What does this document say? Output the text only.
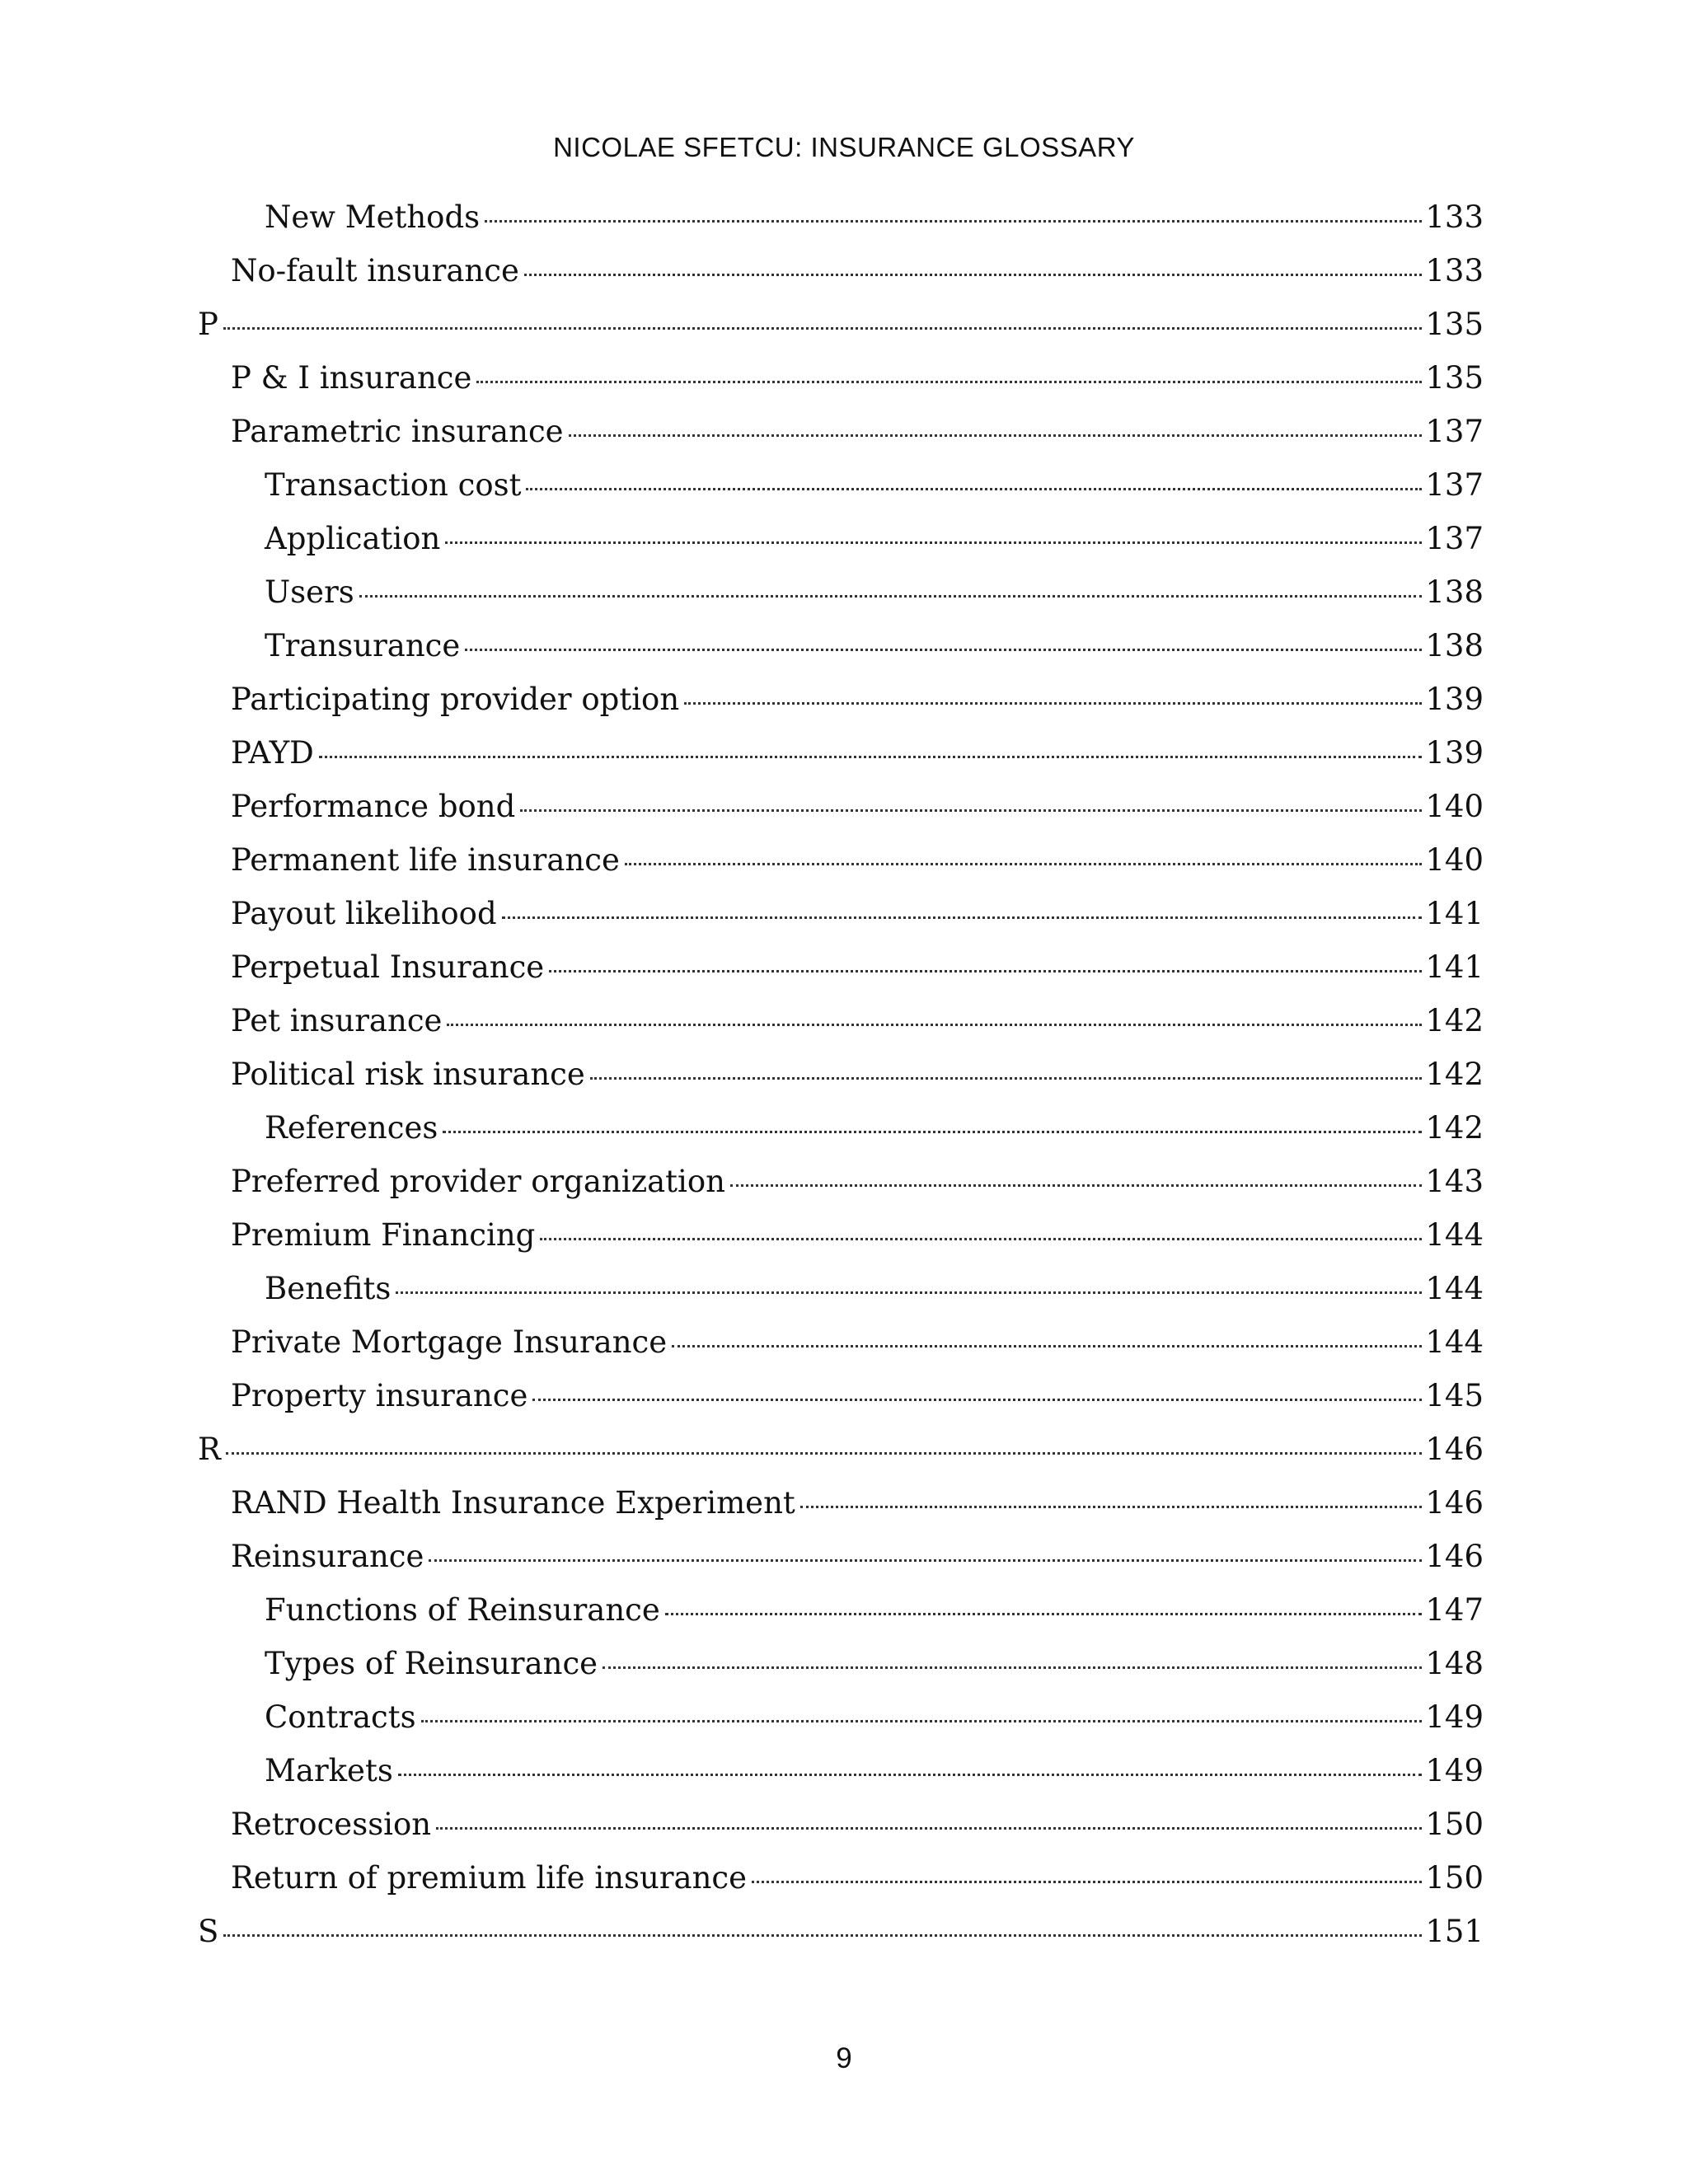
NICOLAE SFETCU: INSURANCE GLOSSARY
New Methods	133
No-fault insurance	133
P	135
P & I insurance	135
Parametric insurance	137
Transaction cost	137
Application	137
Users	138
Transurance	138
Participating provider option	139
PAYD	139
Performance bond	140
Permanent life insurance	140
Payout likelihood	141
Perpetual Insurance	141
Pet insurance	142
Political risk insurance	142
References	142
Preferred provider organization	143
Premium Financing	144
Benefits	144
Private Mortgage Insurance	144
Property insurance	145
R	146
RAND Health Insurance Experiment	146
Reinsurance	146
Functions of Reinsurance	147
Types of Reinsurance	148
Contracts	149
Markets	149
Retrocession	150
Return of premium life insurance	150
S	151
9
